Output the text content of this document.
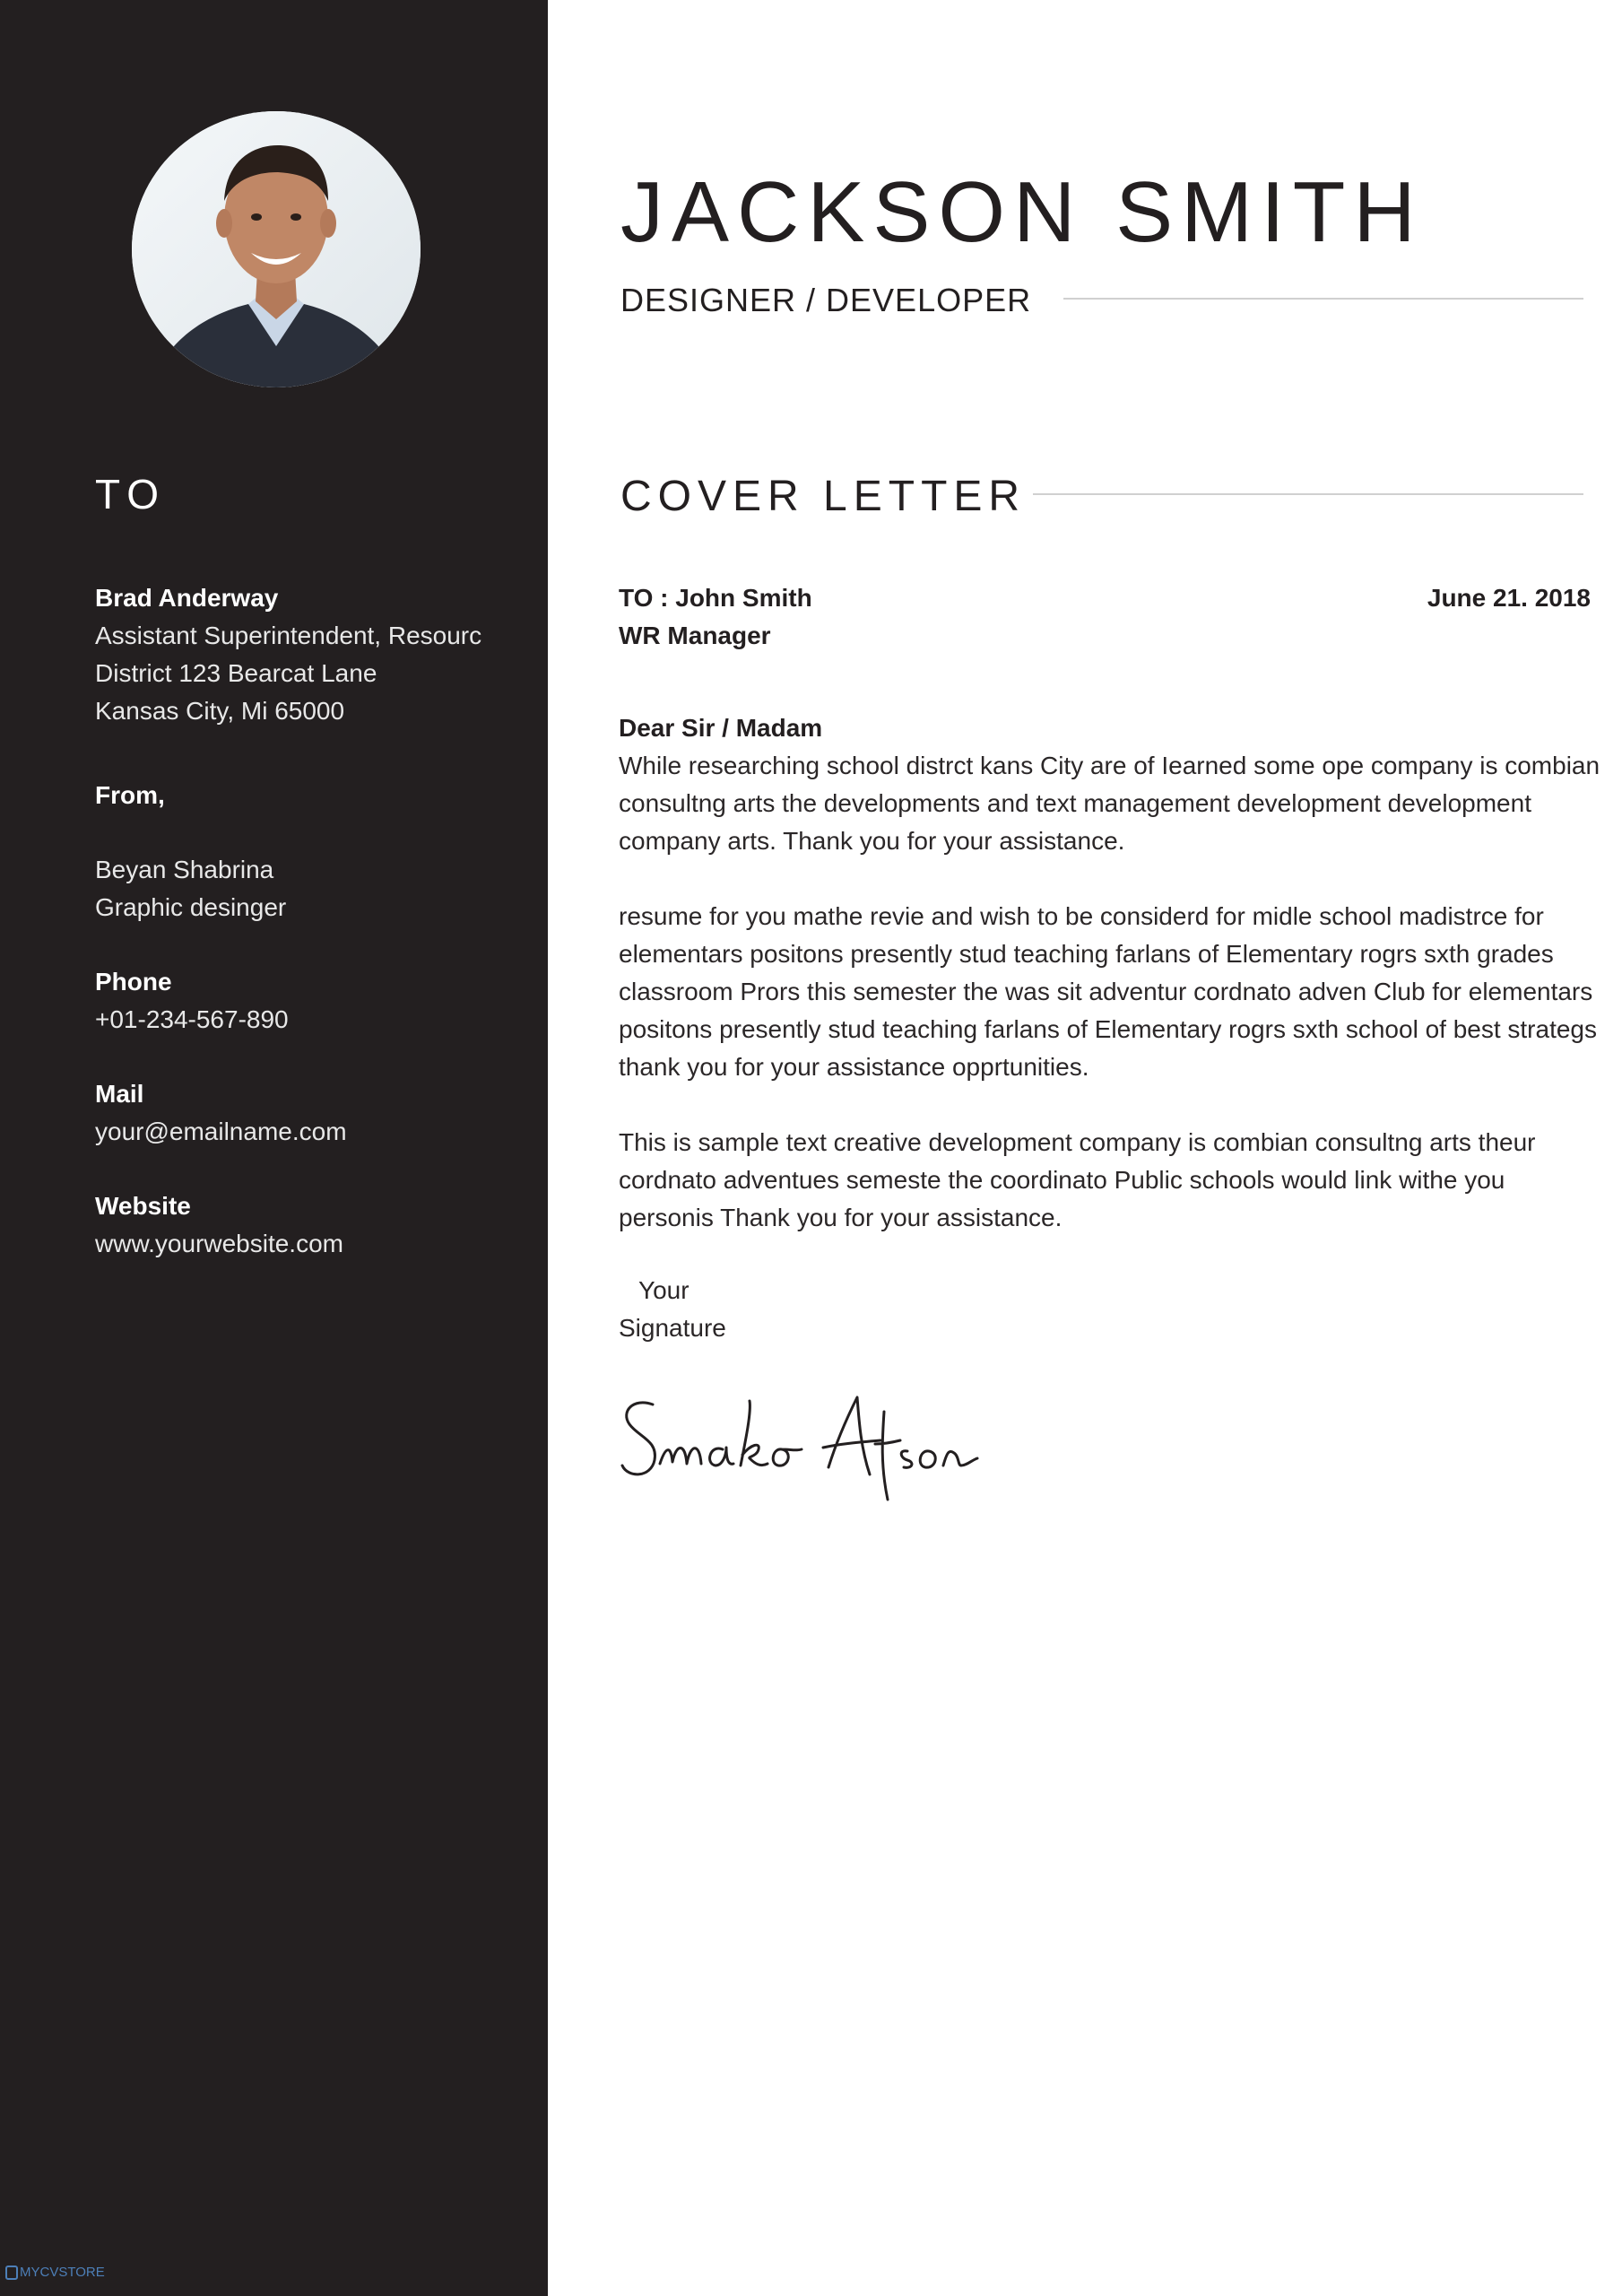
TO
Brad Anderway
Assistant Superintendent, Resourc
District 123 Bearcat Lane
Kansas City, Mi 65000
From,
Beyan Shabrina
Graphic desinger
Phone
+01-234-567-890
Mail
your@emailname.com
Website
www.yourwebsite.com
MYCVSTORE
JACKSON SMITH
DESIGNER / DEVELOPER
COVER LETTER
TO : John Smith
WR Manager
June 21. 2018
Dear Sir / Madam

While researching school distrct kans City are of Iearned some ope company is combian consultng arts the developments and text management development development company arts. Thank you for your assistance.

resume for you mathe revie and wish to be considerd for midle school madistrce for elementars positons presently stud teaching farlans of Elementary rogrs sxth grades classroom Prors this semester the was sit adventur cordnato adven Club for elementars positons presently stud teaching farlans of Elementary rogrs sxth school of best strategs thank you for your assistance opprtunities.

This is sample text creative development company is combian consultng arts theur cordnato adventues semeste the coordinato Public schools would link withe you personis Thank you for your assistance.

Your
Signature
Smako Atson
